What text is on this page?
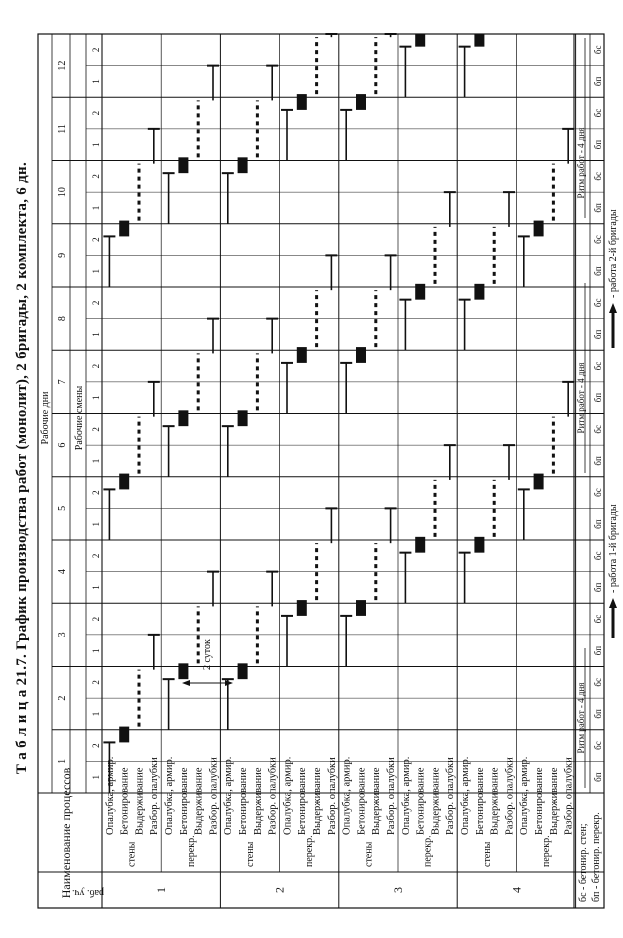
Т а б л и ц а 21.7. График производства работ (монолит), 2 бригады, 2 комплекта, 6 дн.
раб. уч.
Наименование процессов
Рабочие дни Рабочие смены
1
2
3
4
5
6
7
8
9
10
11
12
1
2
1
2
1
2
1
2
1
2
1
2
1
2
1
2
1
2
1
2
1
2
1
2
1
стены
Опалубка, армир. Бетонирование Выдерживание Разбор. опалубки
перекр.
Опалубка, армир. Бетонирование Выдерживание Разбор. опалубки
2
стены
Опалубка, армир. Бетонирование Выдерживание Разбор. опалубки
перекр.
Опалубка, армир. Бетонирование Выдерживание Разбор. опалубки
3
стены
Опалубка, армир. Бетонирование Выдерживание Разбор. опалубки
перекр.
Опалубка, армир. Бетонирование Выдерживание Разбор. опалубки
4
стены
Опалубка, армир. Бетонирование Выдерживание Разбор. опалубки
перекр.
Опалубка, армир. Бетонирование Выдерживание Разбор. опалубки
бс - бетонир. стен; бп - бетонир. перекр.
бп
бс
бп
бс
бп
бс
бп
бс
бп
бс
бп
бс
бп
бс
бп
бс
бп
бс
бп
бс
бп
бс
бп
бс
Ритм работ - 4 дня
Ритм работ - 4 дня
Ритм работ - 4 дня
- работа 1-й бригады
- работа 2-й бригады
2 суток
